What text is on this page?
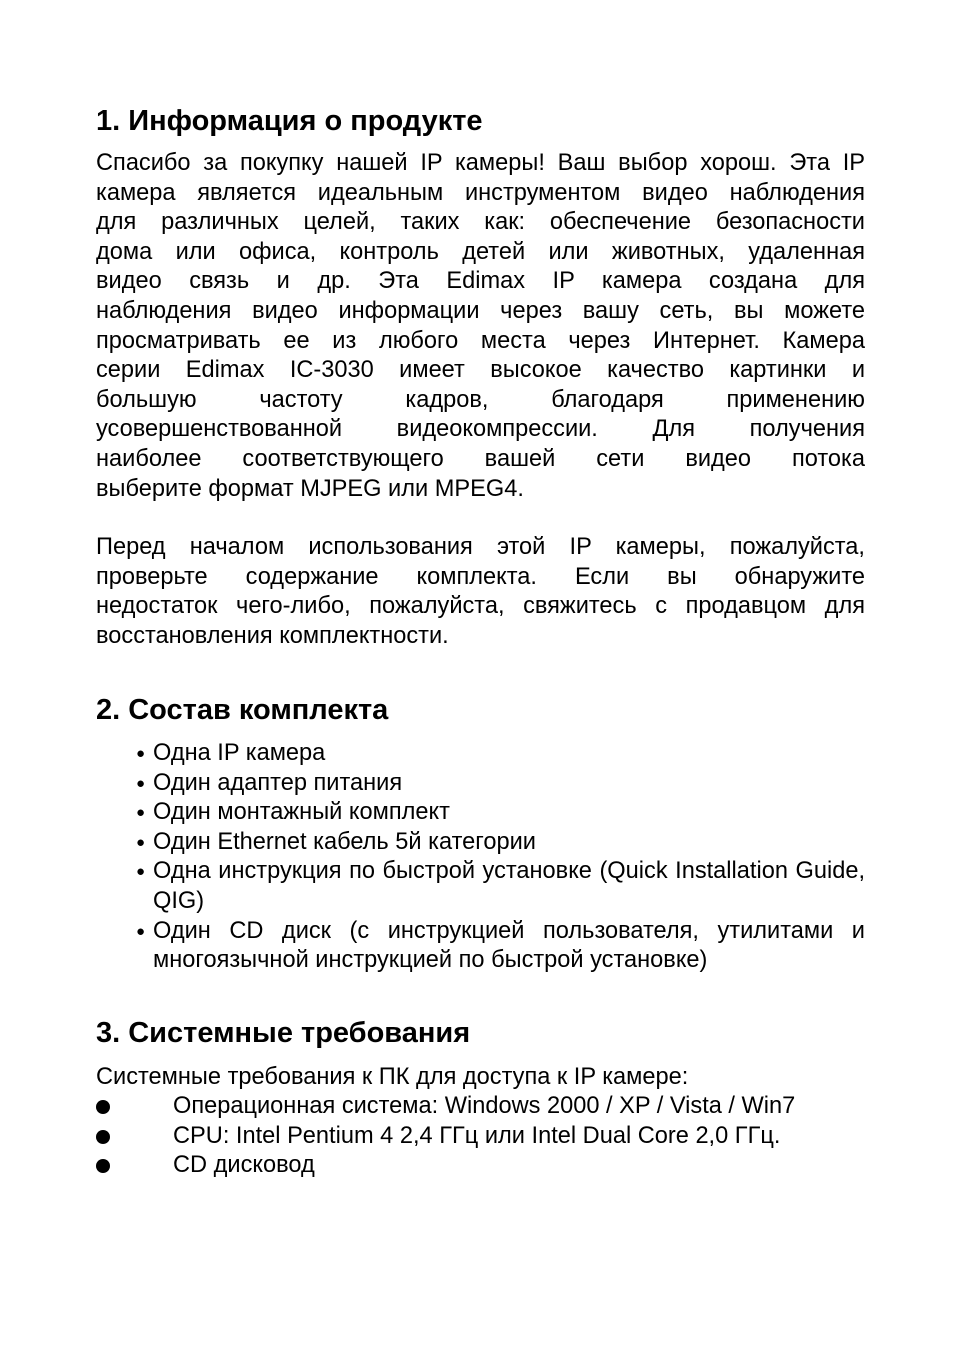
1. Информация о продукте
Спасибо за покупку нашей IP камеры! Ваш выбор хорош. Эта IP
камера является идеальным инструментом видео наблюдения
для различных целей, таких как: обеспечение безопасности
дома или офиса, контроль детей или животных, удаленная
видео связь и др. Эта Edimax IP камера создана для
наблюдения видео информации через вашу сеть, вы можете
просматривать ее из любого места через Интернет. Камера
серии Edimax IC-3030 имеет высокое качество картинки и
большую частоту кадров, благодаря применению
усовершенствованной видеокомпрессии. Для получения
наиболее соответствующего вашей сети видео потока
выберите формат MJPEG или MPEG4.
Перед началом использования этой IP камеры, пожалуйста,
проверьте содержание комплекта. Если вы обнаружите
недостаток чего-либо, пожалуйста, свяжитесь с продавцом для
восстановления комплектности.
2. Состав комплекта
● Одна IP камера
● Один адаптер питания
● Один монтажный комплект
● Один Ethernet кабель 5й категории
● Одна инструкция по быстрой установке (Quick Installation Guide, QIG)
● Один CD диск (с инструкцией пользователя, утилитами и многоязычной инструкцией по быстрой установке)
3. Системные требования
Системные требования к ПК для доступа к IP камере:
Операционная система: Windows 2000 / XP / Vista / Win7
CPU: Intel Pentium 4 2,4 ГГц или Intel Dual Core 2,0 ГГц.
CD дисковод
